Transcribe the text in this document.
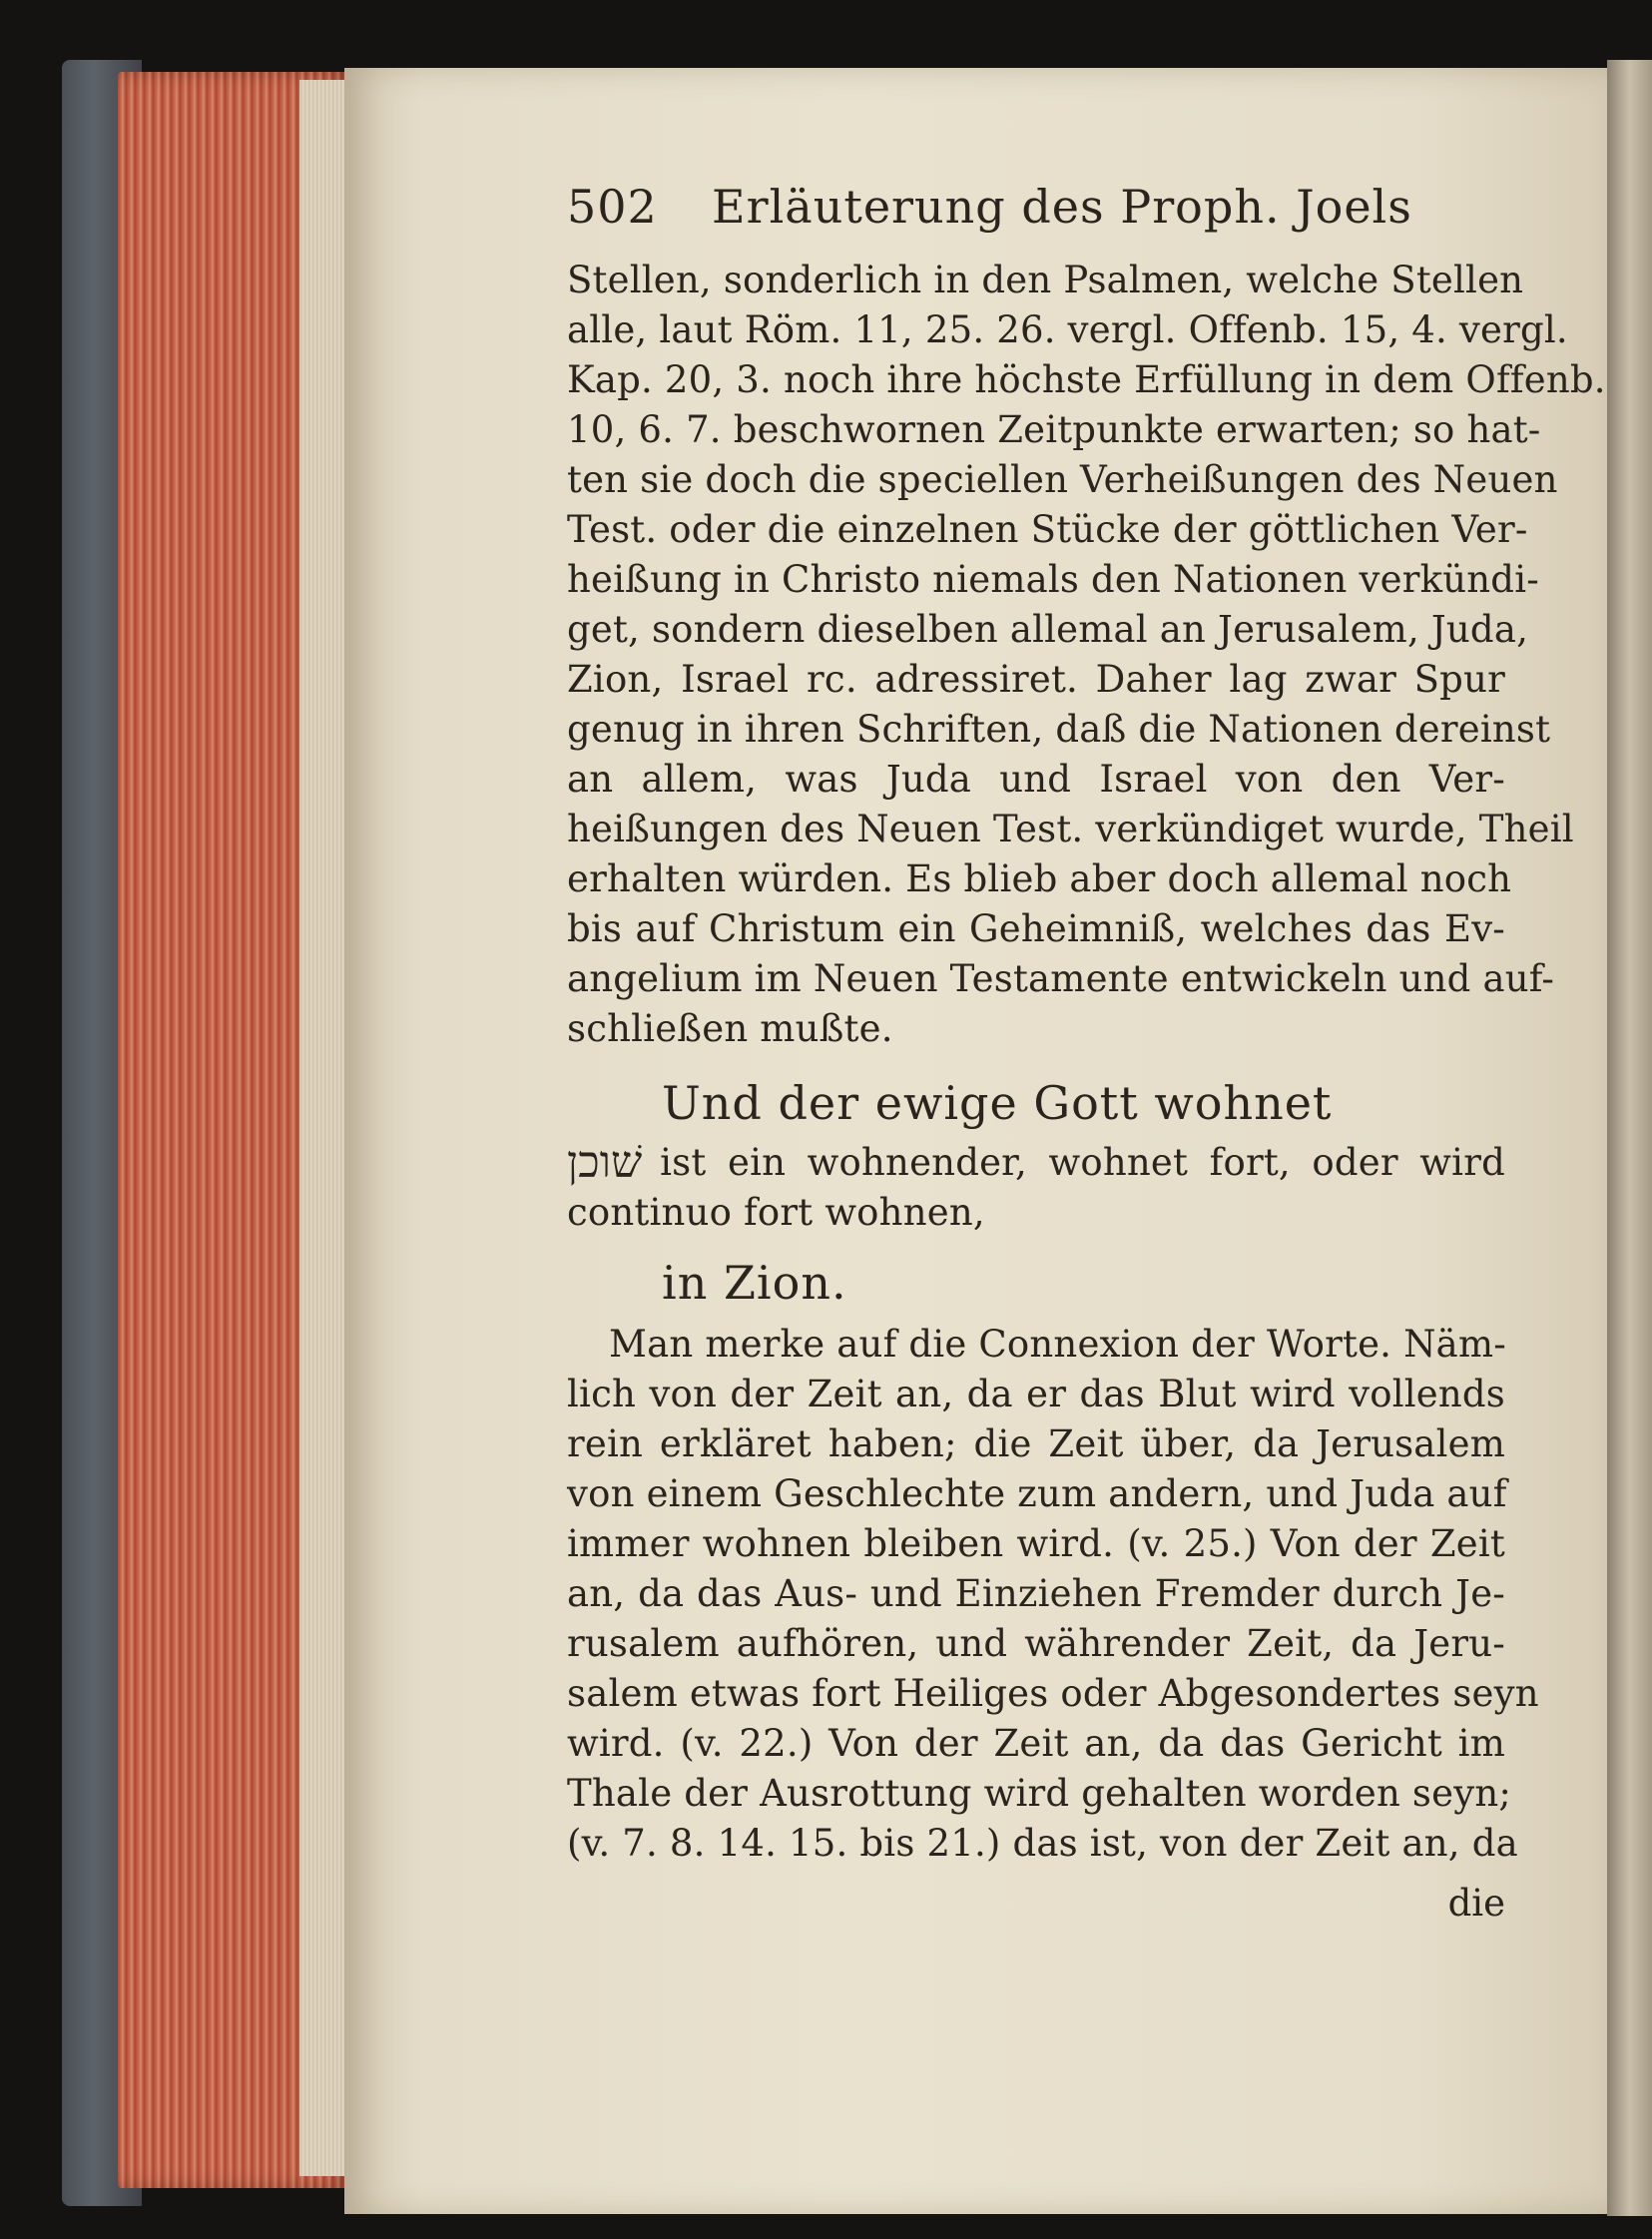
502	Erläuterung des Proph. Joels
Stellen, sonderlich in den Psalmen, welche Stellen
alle, laut Röm. 11, 25. 26. vergl. Offenb. 15, 4. vergl.
Kap. 20, 3. noch ihre höchste Erfüllung in dem Offenb.
10, 6. 7. beschwornen Zeitpunkte erwarten; so hat-
ten sie doch die speciellen Verheißungen des Neuen
Test. oder die einzelnen Stücke der göttlichen Ver-
heißung in Christo niemals den Nationen verkündi-
get, sondern dieselben allemal an Jerusalem, Juda,
Zion, Israel rc. adressiret. Daher lag zwar Spur
genug in ihren Schriften, daß die Nationen dereinst
an allem, was Juda und Israel von den Ver-
heißungen des Neuen Test. verkündiget wurde, Theil
erhalten würden. Es blieb aber doch allemal noch
bis auf Christum ein Geheimniß, welches das Ev-
angelium im Neuen Testamente entwickeln und auf-
schließen mußte.
Und der ewige Gott wohnet
שׁוכן ist ein wohnender, wohnet fort, oder wird
continuo fort wohnen,
in Zion.
Man merke auf die Connexion der Worte. Näm-
lich von der Zeit an, da er das Blut wird vollends
rein erkläret haben; die Zeit über, da Jerusalem
von einem Geschlechte zum andern, und Juda auf
immer wohnen bleiben wird. (v. 25.) Von der Zeit
an, da das Aus- und Einziehen Fremder durch Je-
rusalem aufhören, und währender Zeit, da Jeru-
salem etwas fort Heiliges oder Abgesondertes seyn
wird. (v. 22.) Von der Zeit an, da das Gericht im
Thale der Ausrottung wird gehalten worden seyn;
(v. 7. 8. 14. 15. bis 21.) das ist, von der Zeit an, da
die
